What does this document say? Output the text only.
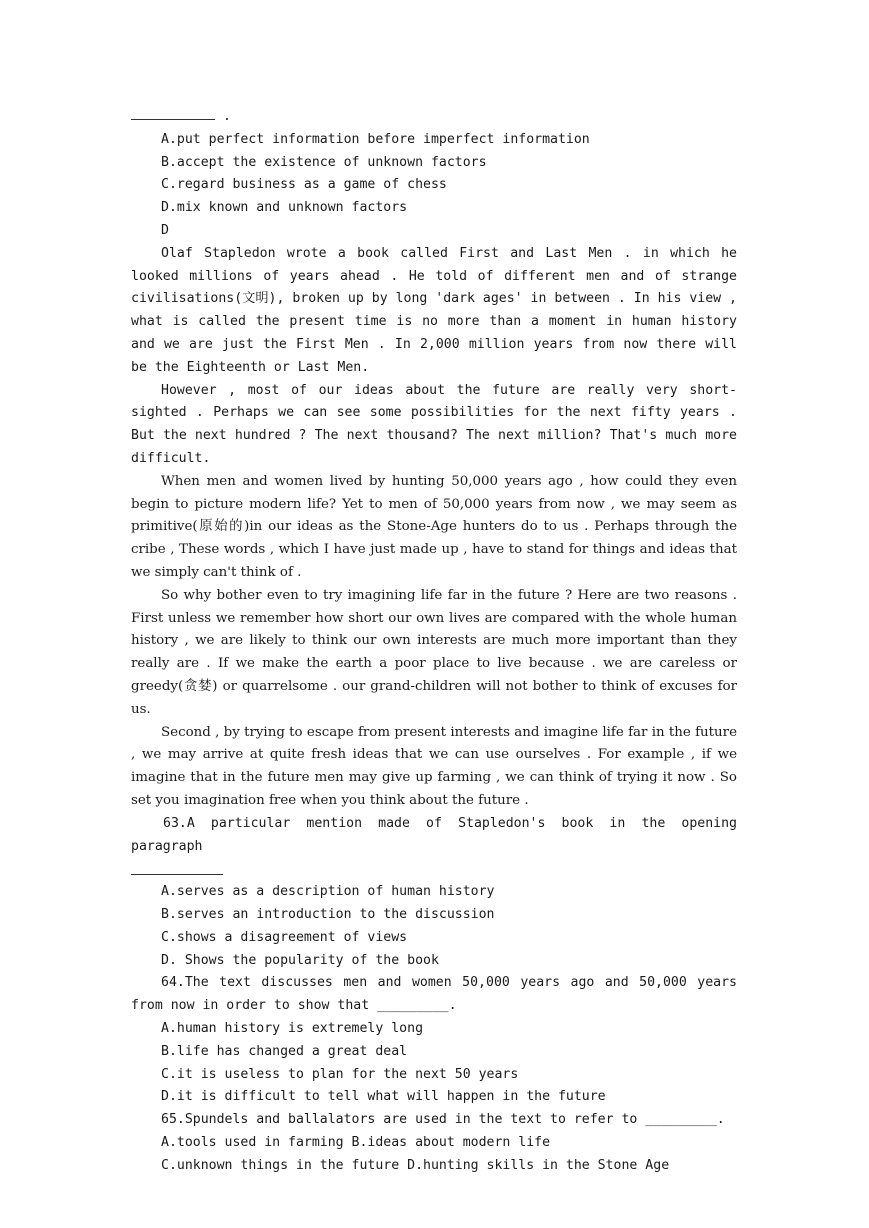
.

A.put perfect information before imperfect information

B.accept the existence of unknown factors

C.regard business as a game of chess

D.mix known and unknown factors

D

Olaf Stapledon wrote a book called First and Last Men . in which he looked millions of years ahead . He told of different men and of strange civilisations(文明), broken up by long 'dark ages' in between . In his view , what is called the present time is no more than a moment in human history and we are just the First Men . In 2,000 million years from now there will be the Eighteenth or Last Men.

However , most of our ideas about the future are really very short-sighted . Perhaps we can see some possibilities for the next fifty years . But the next hundred ? The next thousand? The next million? That's much more difficult.

When men and women lived by hunting 50,000 years ago , how could they even begin to picture modern life? Yet to men of 50,000 years from now , we may seem as primitive(原始的)in our ideas as the Stone-Age hunters do to us . Perhaps through the cribe , These words , which I have just made up , have to stand for things and ideas that we simply can't think of .

So why bother even to try imagining life far in the future ? Here are two reasons . First unless we remember how short our own lives are compared with the whole human history , we are likely to think our own interests are much more important than they really are . If we make the earth a poor place to live because . we are careless or greedy(贪婪) or quarrelsome . our grand-children will not bother to think of excuses for us.

Second , by trying to escape from present interests and imagine life far in the future , we may arrive at quite fresh ideas that we can use ourselves . For example , if we imagine that in the future men may give up farming , we can think of trying it now . So set you imagination free when you think about the future .

63.A particular mention made of Stapledon's book in the opening paragraph

A.serves as a description of human history

B.serves an introduction to the discussion

C.shows a disagreement of views

D. Shows the popularity of the book

64.The text discusses men and women 50,000 years ago and 50,000 years from now in order to show that _________.

A.human history is extremely long

B.life has changed a great deal

C.it is useless to plan for the next 50 years

D.it is difficult to tell what will happen in the future

65.Spundels and ballalators are used in the text to refer to _________.

A.tools used in farming B.ideas about modern life

C.unknown things in the future D.hunting skills in the Stone Age
